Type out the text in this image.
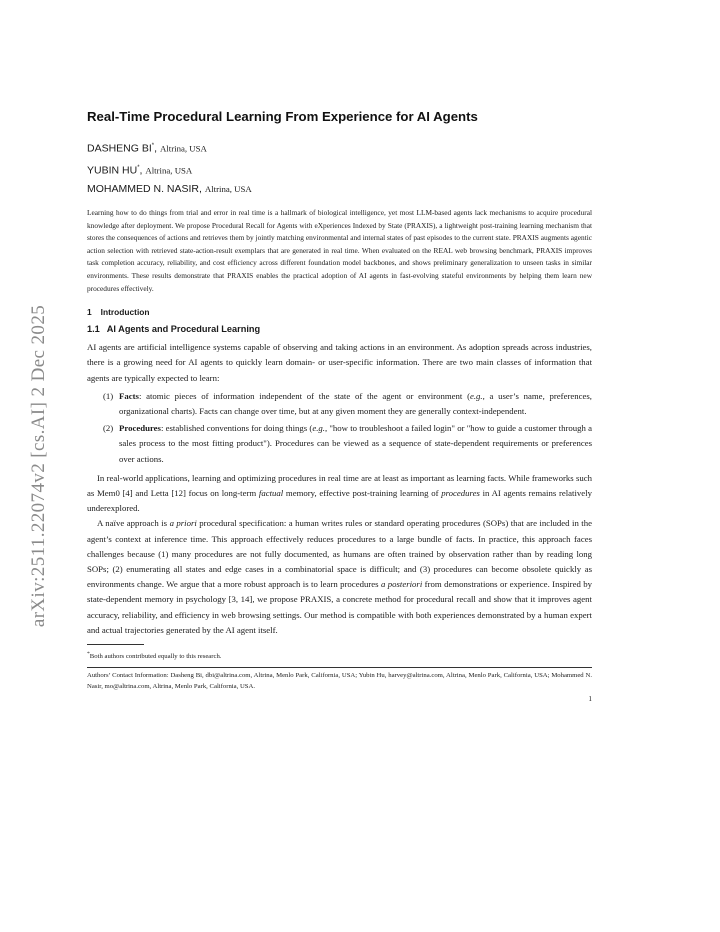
arXiv:2511.22074v2 [cs.AI] 2 Dec 2025
Real-Time Procedural Learning From Experience for AI Agents
DASHENG BI*, Altrina, USA
YUBIN HU*, Altrina, USA
MOHAMMED N. NASIR, Altrina, USA
Learning how to do things from trial and error in real time is a hallmark of biological intelligence, yet most LLM-based agents lack mechanisms to acquire procedural knowledge after deployment. We propose Procedural Recall for Agents with eXperiences Indexed by State (PRAXIS), a lightweight post-training learning mechanism that stores the consequences of actions and retrieves them by jointly matching environmental and internal states of past episodes to the current state. PRAXIS augments agentic action selection with retrieved state-action-result exemplars that are generated in real time. When evaluated on the REAL web browsing benchmark, PRAXIS improves task completion accuracy, reliability, and cost efficiency across different foundation model backbones, and shows preliminary generalization to unseen tasks in similar environments. These results demonstrate that PRAXIS enables the practical adoption of AI agents in fast-evolving stateful environments by helping them learn new procedures effectively.
1 Introduction
1.1 AI Agents and Procedural Learning

AI agents are artificial intelligence systems capable of observing and taking actions in an environment. As adoption spreads across industries, there is a growing need for AI agents to quickly learn domain- or user-specific information. There are two main classes of information that agents are typically expected to learn:

(1) Facts: atomic pieces of information independent of the state of the agent or environment (e.g., a user’s name, preferences, organizational charts). Facts can change over time, but at any given moment they are generally context-independent.
(2) Procedures: established conventions for doing things (e.g., "how to troubleshoot a failed login" or "how to guide a customer through a sales process to the most fitting product"). Procedures can be viewed as a sequence of state-dependent requirements or preferences over actions.

In real-world applications, learning and optimizing procedures in real time are at least as important as learning facts. While frameworks such as Mem0 [4] and Letta [12] focus on long-term factual memory, effective post-training learning of procedures in AI agents remains relatively underexplored.

A naïve approach is a priori procedural specification: a human writes rules or standard operating procedures (SOPs) that are included in the agent’s context at inference time. This approach effectively reduces procedures to a large bundle of facts. In practice, this approach faces challenges because (1) many procedures are not fully documented, as humans are often trained by observation rather than by reading long SOPs; (2) enumerating all states and edge cases in a combinatorial space is difficult; and (3) procedures can become obsolete quickly as environments change. We argue that a more robust approach is to learn procedures a posteriori from demonstrations or experience. Inspired by state-dependent memory in psychology [3, 14], we propose PRAXIS, a concrete method for procedural recall and show that it improves agent accuracy, reliability, and efficiency in web browsing settings. Our method is compatible with both experiences demonstrated by a human expert and actual trajectories generated by the AI agent itself.

*Both authors contributed equally to this research.
Authors’ Contact Information: Dasheng Bi, dbi@altrina.com, Altrina, Menlo Park, California, USA; Yubin Hu, harvey@altrina.com, Altrina, Menlo Park, California, USA; Mohammed N. Nasir, mo@altrina.com, Altrina, Menlo Park, California, USA.
1
